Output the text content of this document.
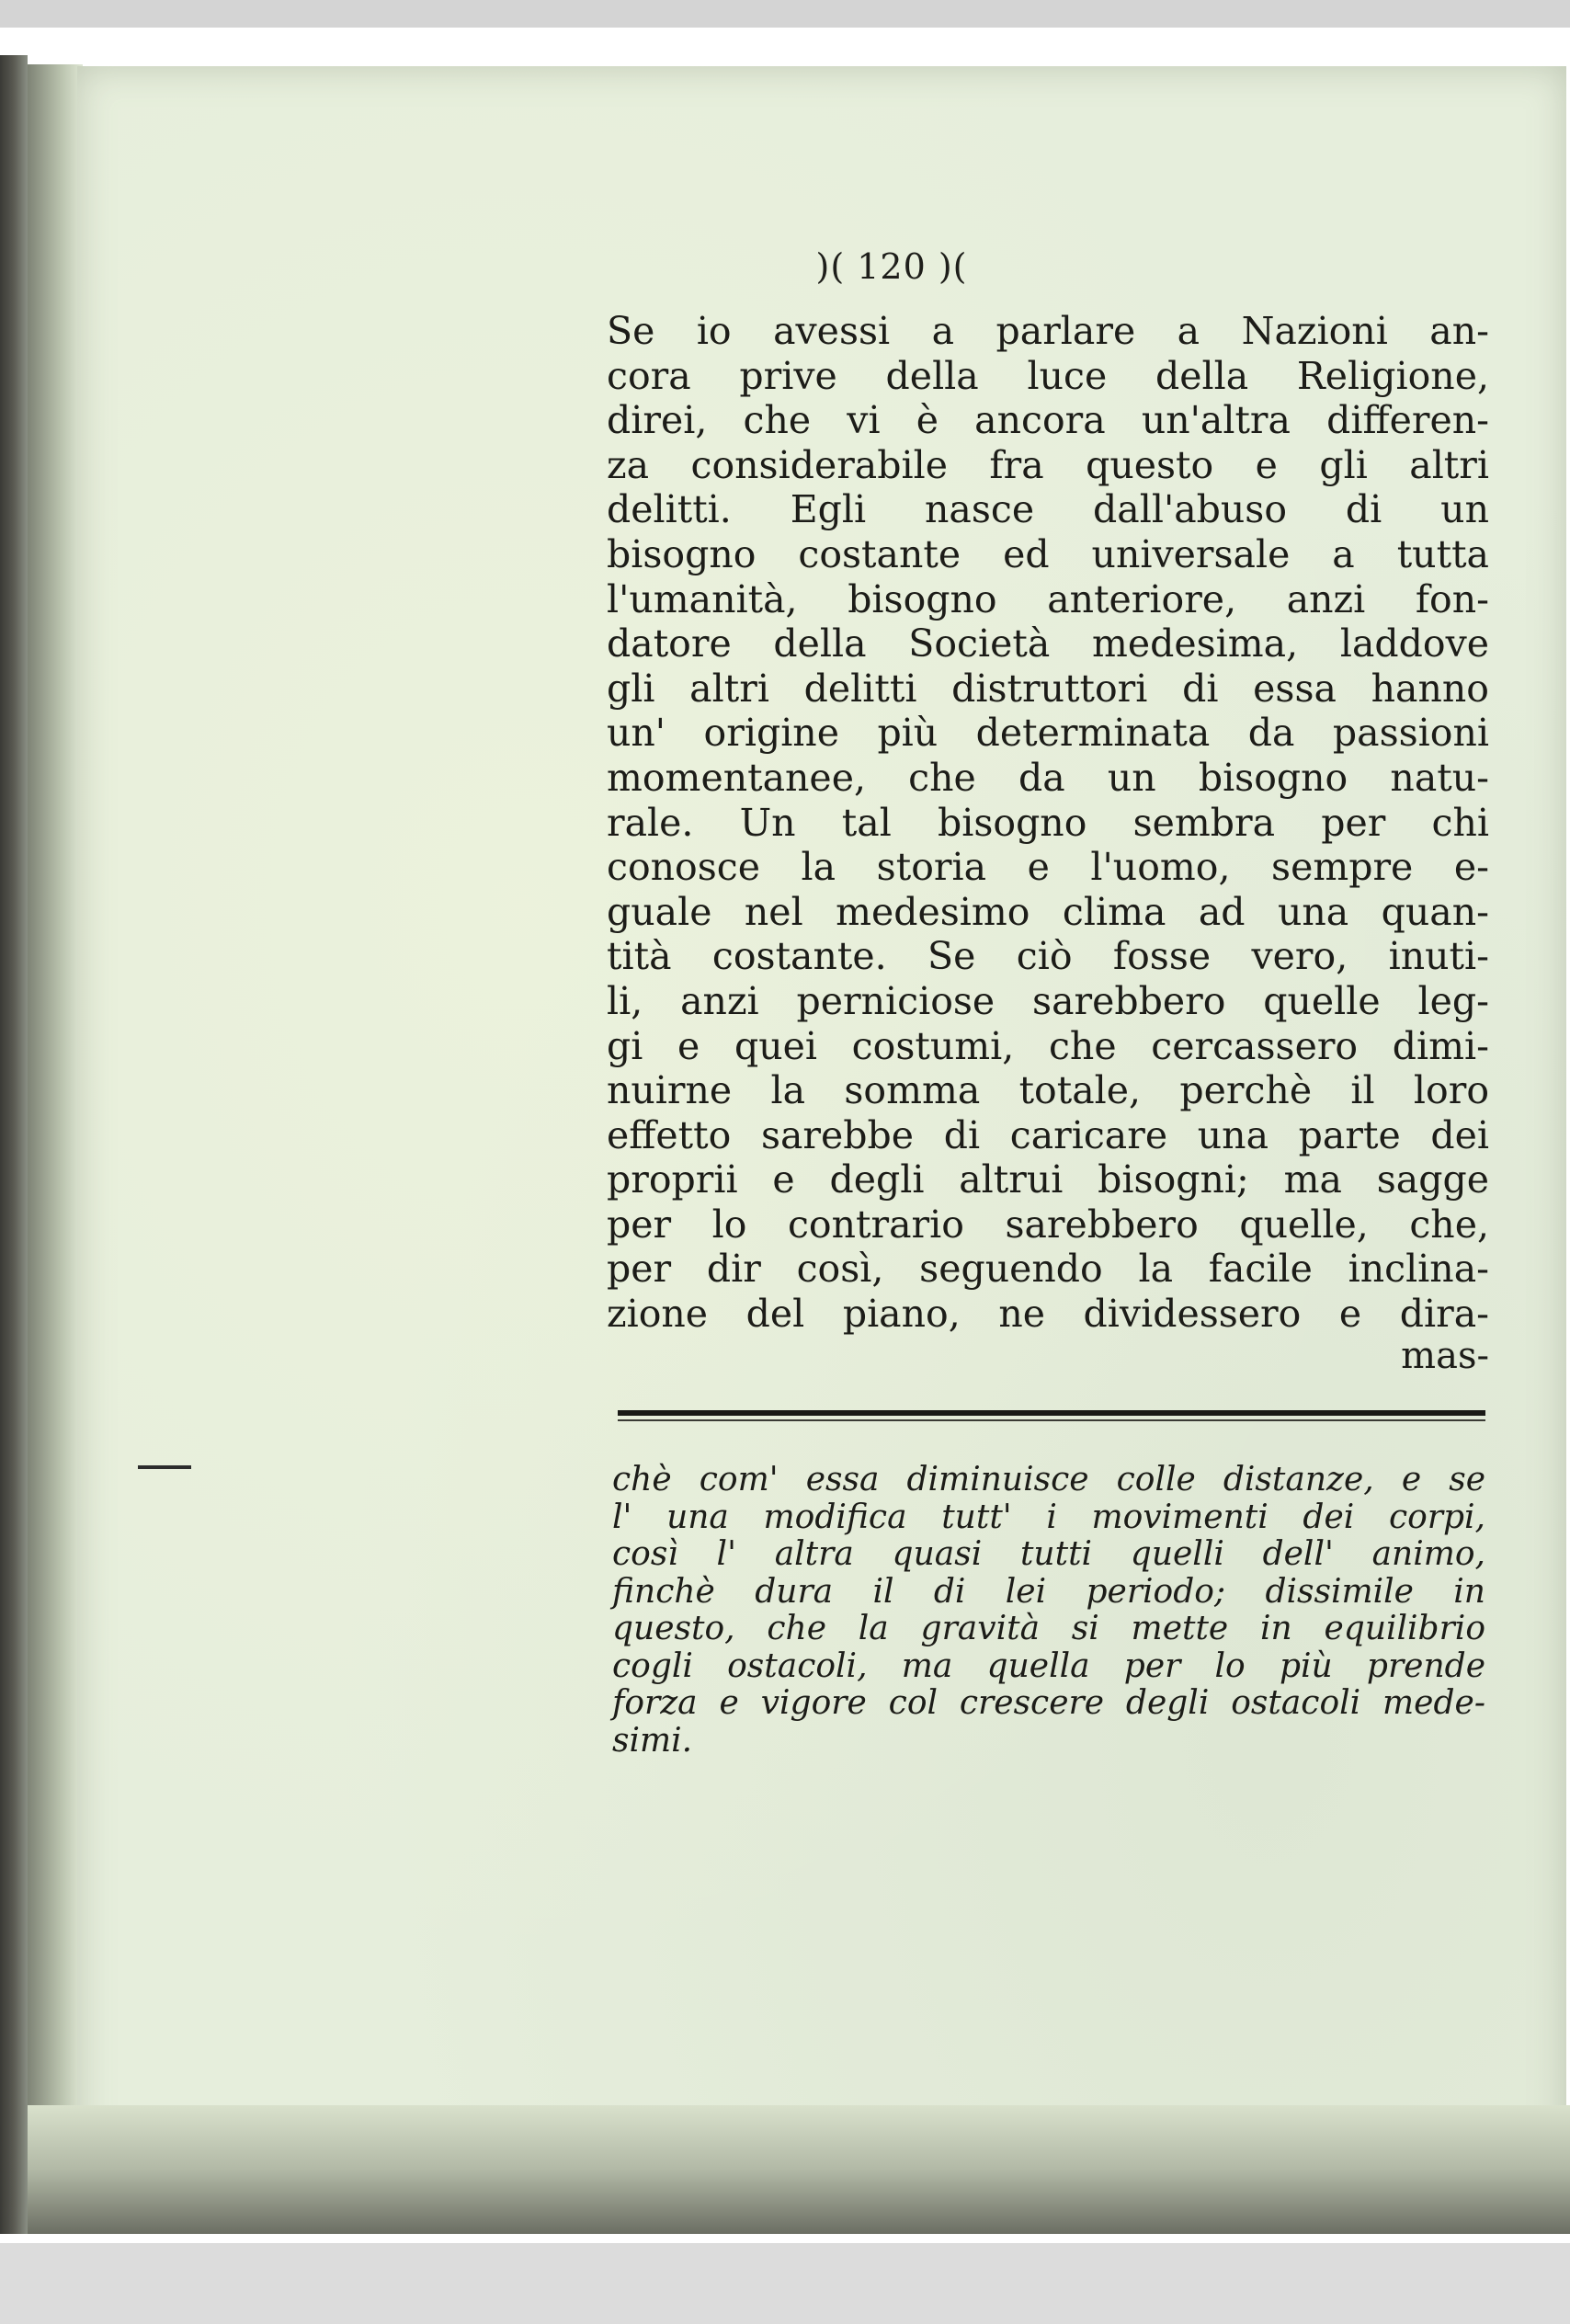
)( 120 )(
Se io avessi a parlare a Nazioni an-
cora prive della luce della Religione,
direi, che vi è ancora un'altra differen-
za considerabile fra questo e gli altri
delitti. Egli nasce dall'abuso di un
bisogno costante ed universale a tutta
l'umanità, bisogno anteriore, anzi fon-
datore della Società medesima, laddove
gli altri delitti distruttori di essa hanno
un' origine più determinata da passioni
momentanee, che da un bisogno natu-
rale. Un tal bisogno sembra per chi
conosce la storia e l'uomo, sempre e-
guale nel medesimo clima ad una quan-
tità costante. Se ciò fosse vero, inuti-
li, anzi perniciose sarebbero quelle leg-
gi e quei costumi, che cercassero dimi-
nuirne la somma totale, perchè il loro
effetto sarebbe di caricare una parte dei
proprii e degli altrui bisogni; ma sagge
per lo contrario sarebbero quelle, che,
per dir così, seguendo la facile inclina-
zione del piano, ne dividessero e dira-
mas-
chè com' essa diminuisce colle distanze, e se
l' una modifica tutt' i movimenti dei corpi,
così l' altra quasi tutti quelli dell' animo,
finchè dura il di lei periodo; dissimile in
questo, che la gravità si mette in equilibrio
cogli ostacoli, ma quella per lo più prende
forza e vigore col crescere degli ostacoli mede-
simi.
